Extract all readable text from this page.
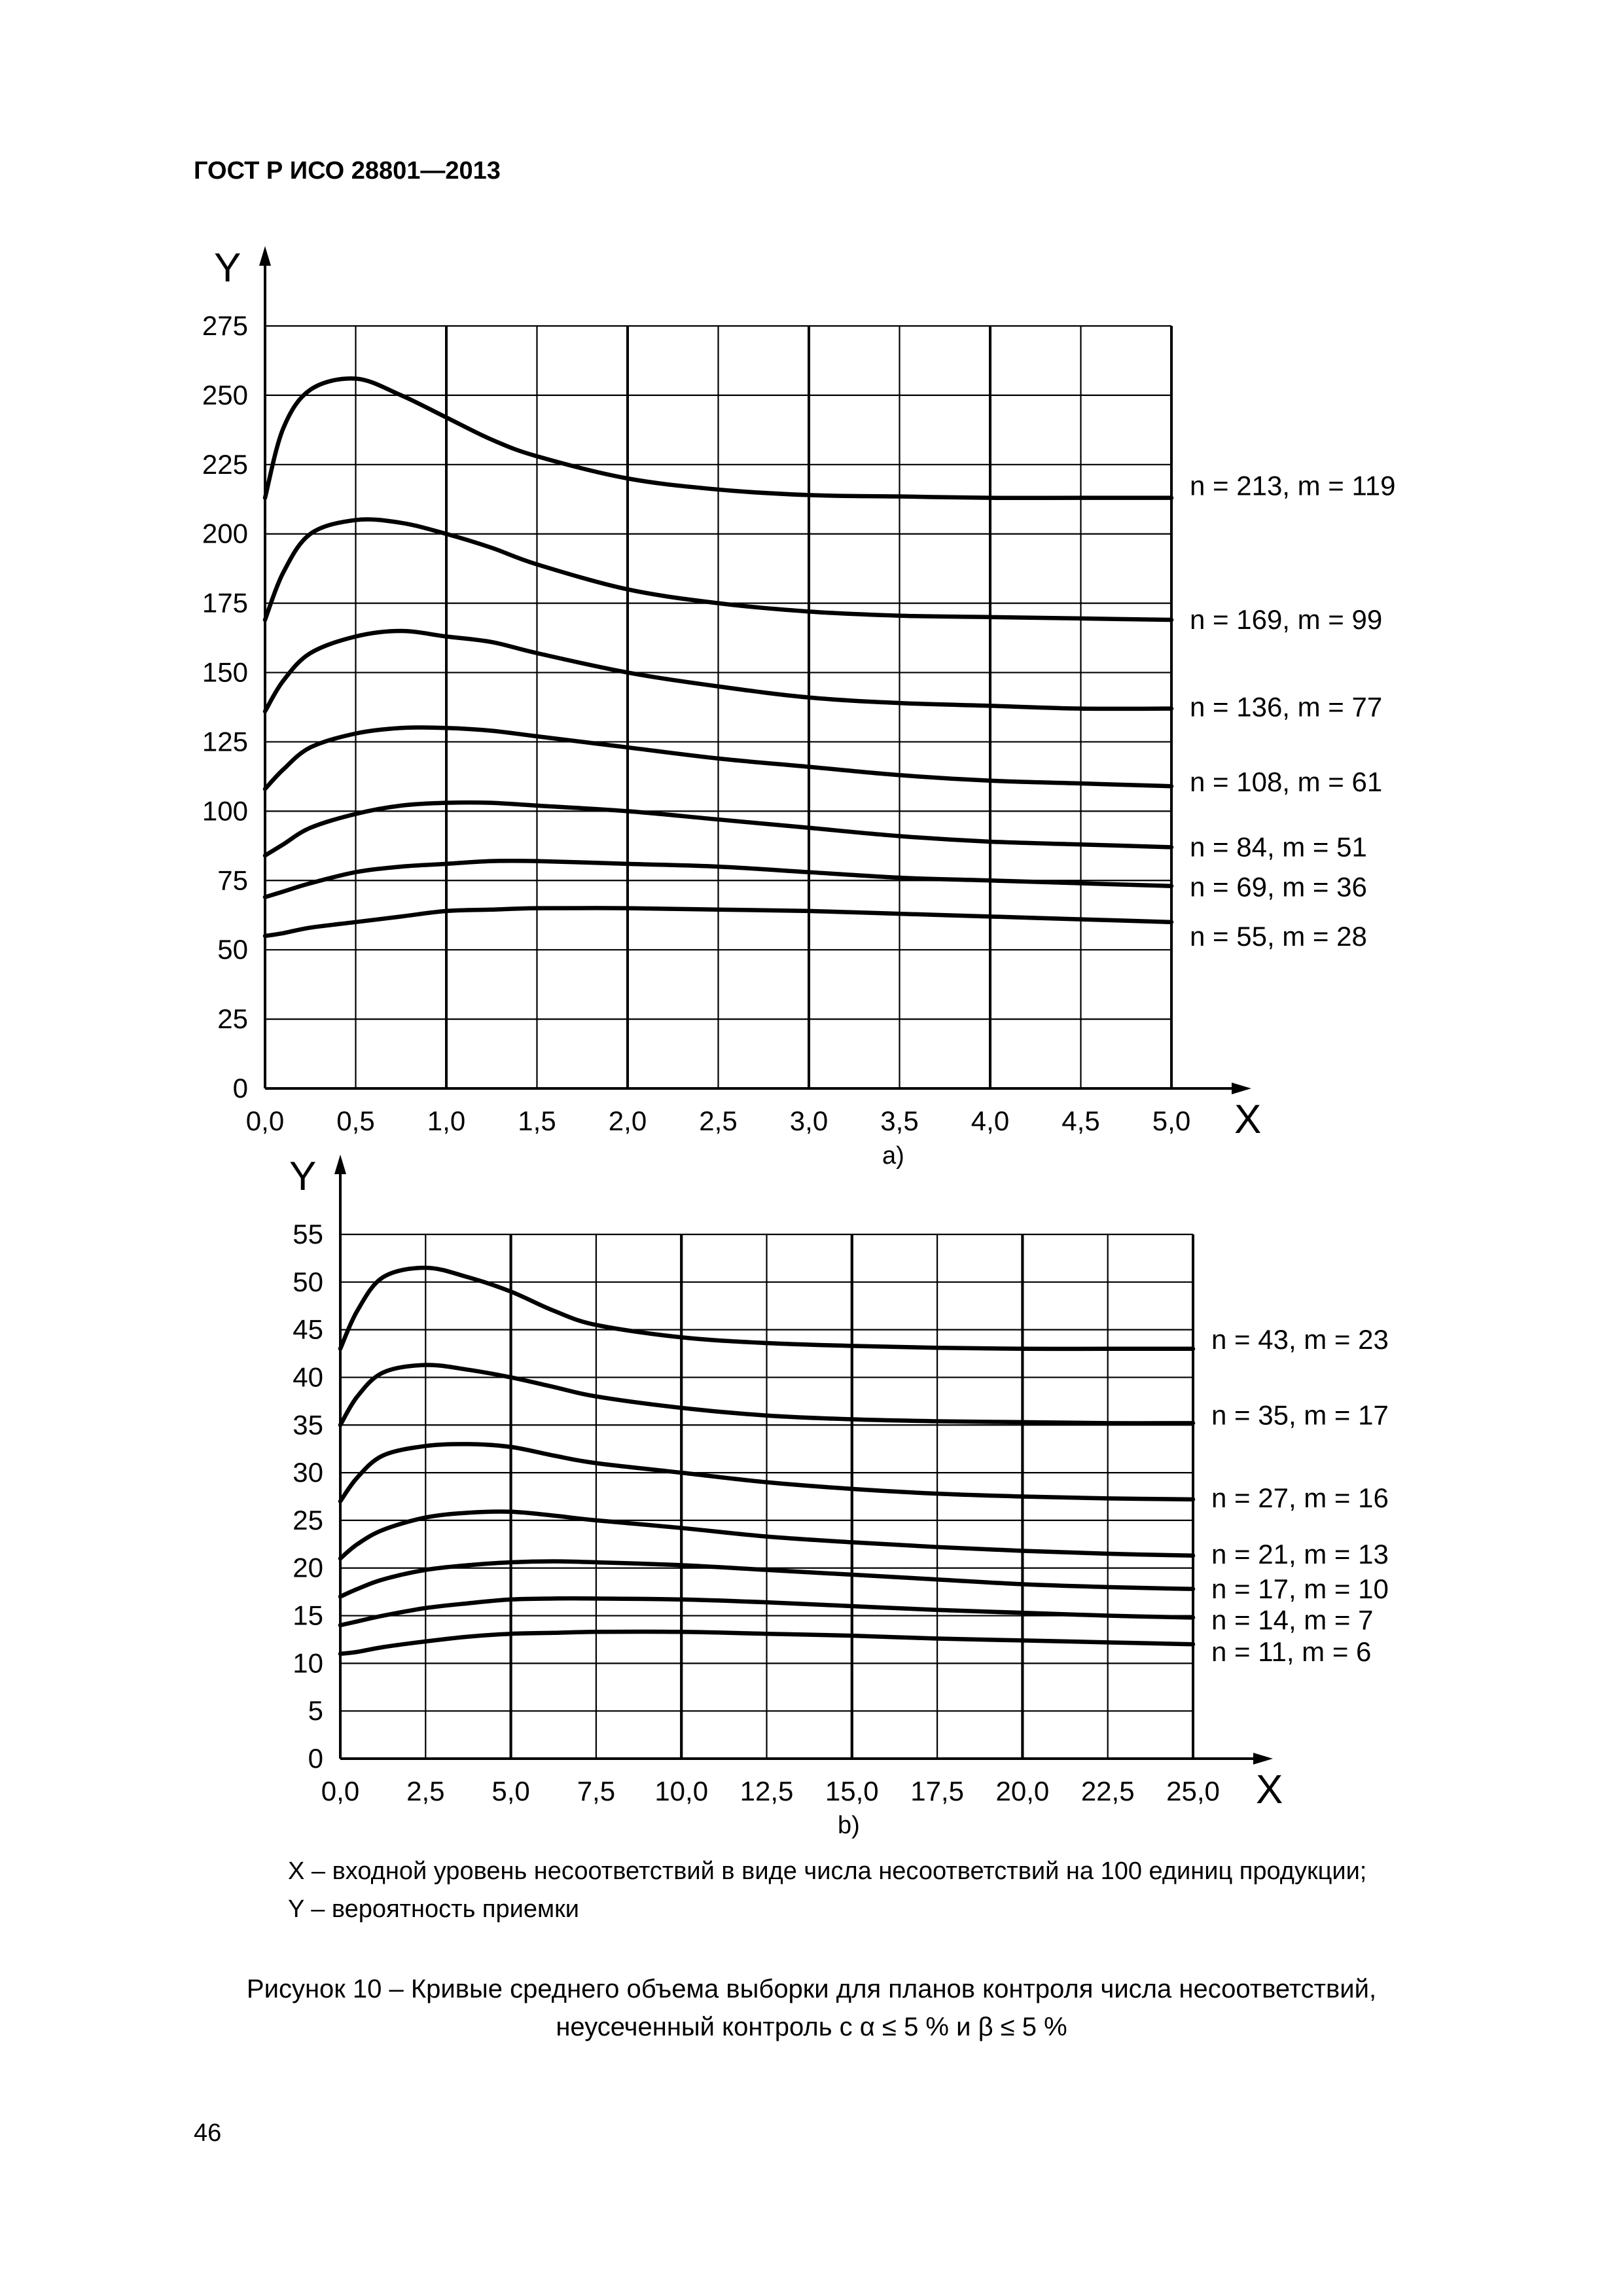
ГОСТ Р ИСО 28801—2013
Y
X
0
25
50
75
100
125
150
175
200
225
250
275
0,0 0,5 1,0 1,5 2,0 2,5 3,0 3,5 4,0 4,5 5,0
n = 213, m = 119
n = 169, m = 99
n = 136, m = 77
n = 108, m = 61
n = 84, m = 51
n = 69, m = 36
n = 55, m = 28
a)
Y
X
0
5
10
15
20
25
30
35
40
45
50
55
0,0 2,5 5,0 7,5 10,0 12,5 15,0 17,5 20,0 22,5 25,0
n = 43, m = 23
n = 35, m = 17
n = 27, m = 16
n = 21, m = 13
n = 17, m = 10
n = 14, m = 7
n = 11, m = 6
b)
X – входной уровень несоответствий в виде числа несоответствий на 100 единиц продукции;
Y – вероятность приемки
Рисунок 10 – Кривые среднего объема выборки для планов контроля числа несоответствий,
неусеченный контроль с α ≤ 5 % и β ≤ 5 %
46
